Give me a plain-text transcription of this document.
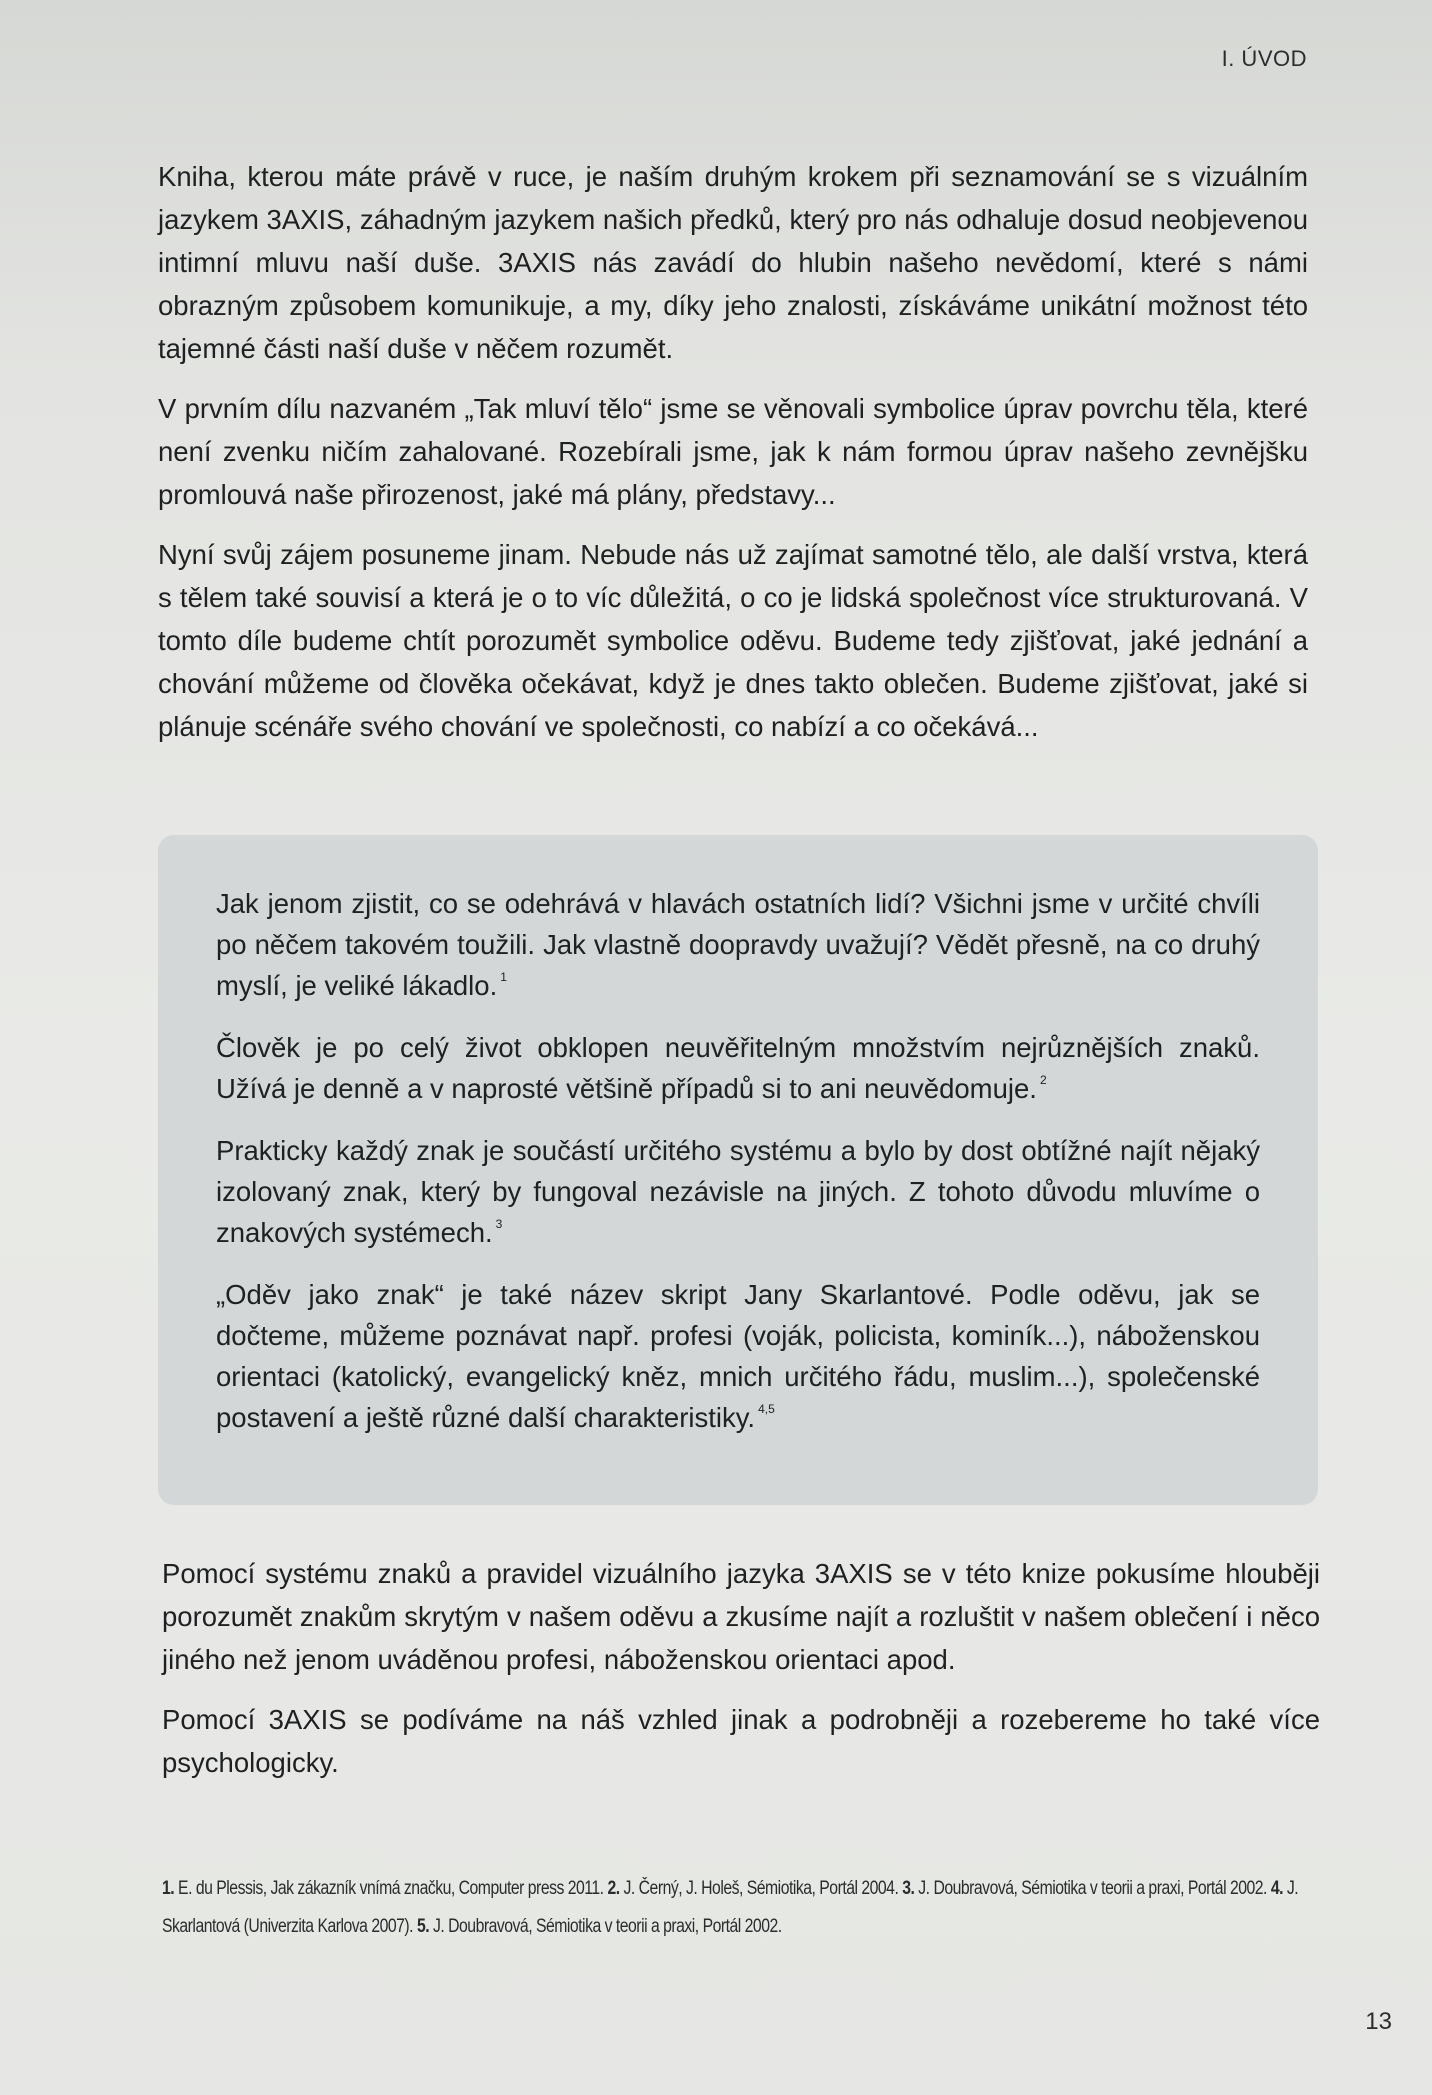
I. ÚVOD

Kniha, kterou máte právě v ruce, je naším druhým krokem při seznamování se s vizuálním jazykem 3AXIS, záhadným jazykem našich předků, který pro nás odhaluje dosud neobjevenou intimní mluvu naší duše. 3AXIS nás zavádí do hlubin našeho nevědomí, které s námi obrazným způsobem komunikuje, a my, díky jeho znalosti, získáváme unikátní možnost této tajemné části naší duše v něčem rozumět.

V prvním dílu nazvaném „Tak mluví tělo“ jsme se věnovali symbolice úprav povrchu těla, které není zvenku ničím zahalované. Rozebírali jsme, jak k nám formou úprav našeho zevnějšku promlouvá naše přirozenost, jaké má plány, představy...

Nyní svůj zájem posuneme jinam. Nebude nás už zajímat samotné tělo, ale další vrstva, která s tělem také souvisí a která je o to víc důležitá, o co je lidská společnost více strukturovaná. V tomto díle budeme chtít porozumět symbolice oděvu. Budeme tedy zjišťovat, jaké jednání a chování můžeme od člověka očekávat, když je dnes takto oblečen. Budeme zjišťovat, jaké si plánuje scénáře svého chování ve společnosti, co nabízí a co očekává...

Jak jenom zjistit, co se odehrává v hlavách ostatních lidí? Všichni jsme v určité chvíli po něčem takovém toužili. Jak vlastně doopravdy uvažují? Vědět přesně, na co druhý myslí, je veliké lákadlo. $^1$

Člověk je po celý život obklopen neuvěřitelným množstvím nejrůznějších znaků. Užívá je denně a v naprosté většině případů si to ani neuvědomuje. $^2$

Prakticky každý znak je součástí určitého systému a bylo by dost obtížné najít nějaký izolovaný znak, který by fungoval nezávisle na jiných. Z tohoto důvodu mluvíme o znakových systémech. $^3$

„Oděv jako znak“ je také název skript Jany Skarlantové. Podle oděvu, jak se dočteme, můžeme poznávat např. profesi (voják, policista, kominík...), náboženskou orientaci (katolický, evangelický kněz, mnich určitého řádu, muslim...), společenské postavení a ještě různé další charakteristiky. $^{4,5}$

Pomocí systému znaků a pravidel vizuálního jazyka 3AXIS se v této knize pokusíme hlouběji porozumět znakům skrytým v našem oděvu a zkusíme najít a rozluštit v našem oblečení i něco jiného než jenom uváděnou profesi, náboženskou orientaci apod.

Pomocí 3AXIS se podíváme na náš vzhled jinak a podrobněji a rozebereme ho také více psychologicky.

1. E. du Plessis, Jak zákazník vnímá značku, Computer press 2011. 2. J. Černý, J. Holeš, Sémiotika, Portál 2004. 3. J. Doubravová, Sémiotika v teorii a praxi, Portál 2002. 4. J. Skarlantová (Univerzita Karlova 2007). 5. J. Doubravová, Sémiotika v teorii a praxi, Portál 2002.
13
